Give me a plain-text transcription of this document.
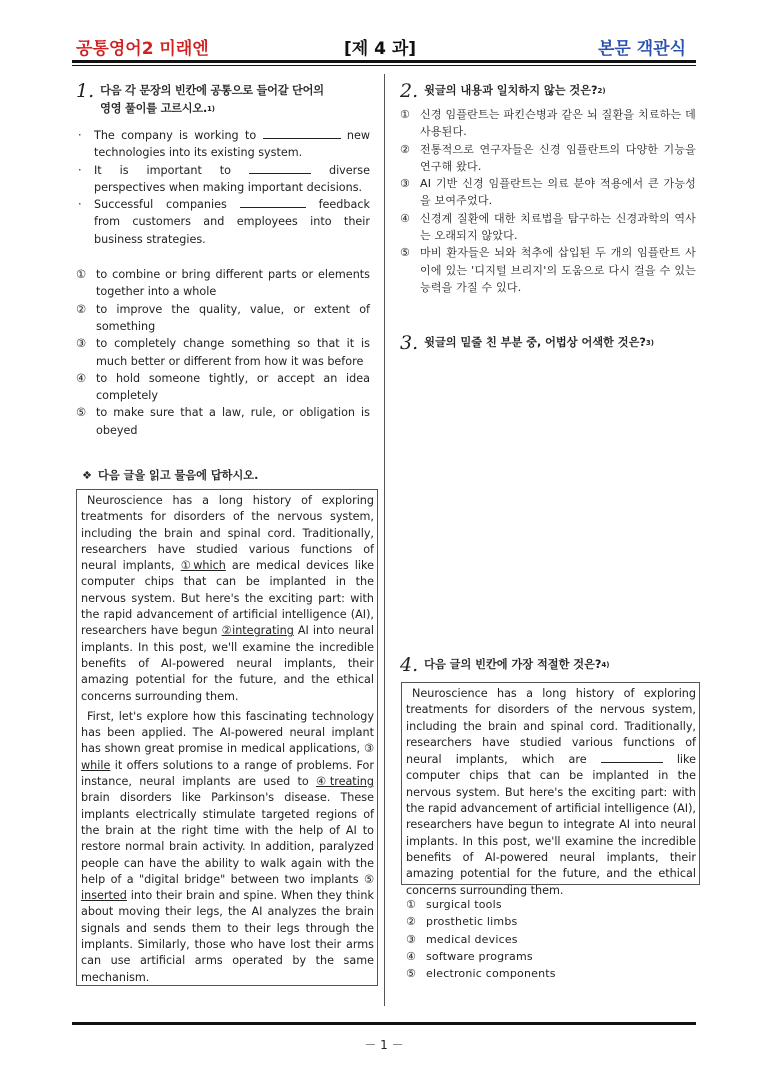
공통영어2 미래엔	[제 4 과]	본문 객관식
1. 다음 각 문장의 빈칸에 공통으로 들어갈 단어의
영영 풀이를 고르시오.$^{1)}$
· The company is working to	new technologies into its existing system.
· It is important to	diverse perspectives when making important decisions.
· Successful companies	feedback from customers and employees into their business strategies.
① to combine or bring different parts or elements together into a whole
② to improve the quality, value, or extent of something
③ to completely change something so that it is much better or different from how it was before
④ to hold someone tightly, or accept an idea completely
⑤ to make sure that a law, rule, or obligation is obeyed
❖ 다음 글을 읽고 물음에 답하시오.

Neuroscience has a long history of exploring treatments for disorders of the nervous system, including the brain and spinal cord. Traditionally, researchers have studied various functions of neural implants, ①which are medical devices like computer chips that can be implanted in the nervous system. But here's the exciting part: with the rapid advancement of artificial intelligence (AI), researchers have begun ②integrating AI into neural implants. In this post, we'll examine the incredible benefits of AI-powered neural implants, their amazing potential for the future, and the ethical concerns surrounding them.

First, let's explore how this fascinating technology has been applied. The AI-powered neural implant has shown great promise in medical applications, ③ while it offers solutions to a range of problems. For instance, neural implants are used to ④treating brain disorders like Parkinson's disease. These implants electrically stimulate targeted regions of the brain at the right time with the help of AI to restore normal brain activity. In addition, paralyzed people can have the ability to walk again with the help of a "digital bridge" between two implants ⑤ inserted into their brain and spine. When they think about moving their legs, the AI analyzes the brain signals and sends them to their legs through the implants. Similarly, those who have lost their arms can use artificial arms operated by the same mechanism.

2. 윗글의 내용과 일치하지 않는 것은?$^{2)}$
① 신경 임플란트는 파킨슨병과 같은 뇌 질환을 치료하는 데 사용된다.
② 전통적으로 연구자들은 신경 임플란트의 다양한 기능을 연구해 왔다.
③ AI 기반 신경 임플란트는 의료 분야 적용에서 큰 가능성을 보여주었다.
④ 신경계 질환에 대한 치료법을 탐구하는 신경과학의 역사는 오래되지 않았다.
⑤ 마비 환자들은 뇌와 척추에 삽입된 두 개의 임플란트 사이에 있는 '디지털 브리지'의 도움으로 다시 걸을 수 있는 능력을 가질 수 있다.
3. 윗글의 밑줄 친 부분 중, 어법상 어색한 것은?$^{3)}$
4. 다음 글의 빈칸에 가장 적절한 것은?$^{4)}$

Neuroscience has a long history of exploring treatments for disorders of the nervous system, including the brain and spinal cord. Traditionally, researchers have studied various functions of neural implants, which are	like computer chips that can be implanted in the nervous system. But here's the exciting part: with the rapid advancement of artificial intelligence (AI), researchers have begun to integrate AI into neural implants. In this post, we'll examine the incredible benefits of AI-powered neural implants, their amazing potential for the future, and the ethical concerns surrounding them.

① surgical tools
② prosthetic limbs
③ medical devices
④ software programs
⑤ electronic components
－ 1 －
